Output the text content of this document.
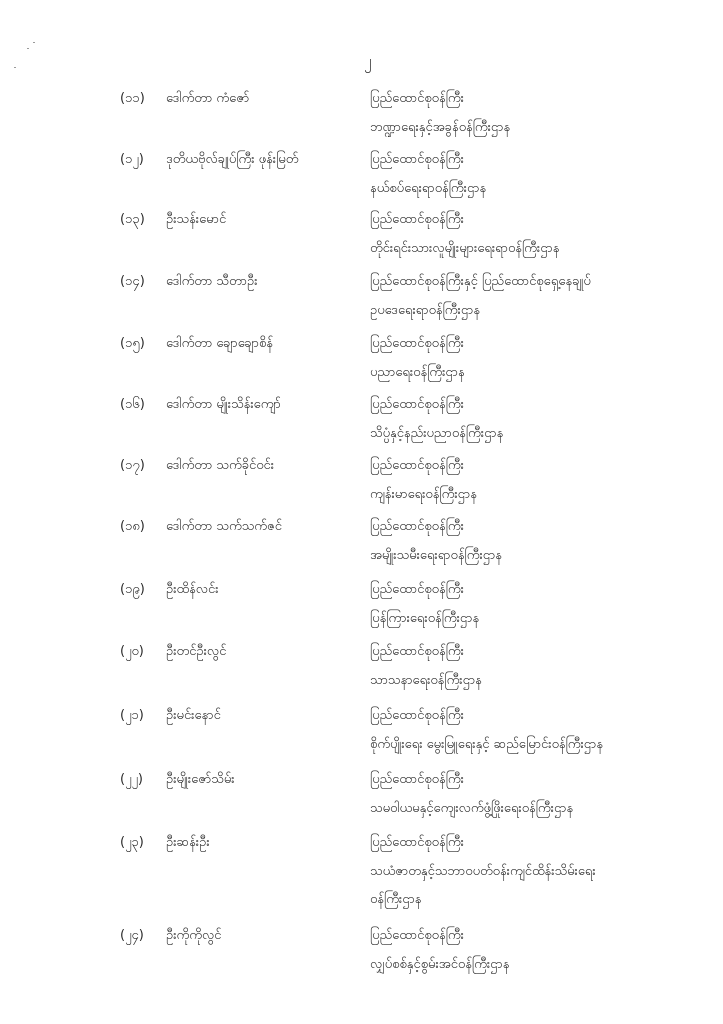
၂
(၁၁) ဒေါက်တာ ကံဇော်	ပြည်ထောင်စုဝန်ကြီး
ဘဏ္ဍာရေးနှင့်အခွန်ဝန်ကြီးဌာန
(၁၂) ဒုတိယဗိုလ်ချုပ်ကြီး ဖုန်းမြတ်	ပြည်ထောင်စုဝန်ကြီး
နယ်စပ်ရေးရာဝန်ကြီးဌာန
(၁၃) ဦးသန်းမောင်	ပြည်ထောင်စုဝန်ကြီး
တိုင်းရင်းသားလူမျိုးများရေးရာဝန်ကြီးဌာန
(၁၄) ဒေါက်တာ သီတာဦး	ပြည်ထောင်စုဝန်ကြီးနှင့် ပြည်ထောင်စုရှေ့နေချုပ်
ဥပဒေရေးရာဝန်ကြီးဌာန
(၁၅) ဒေါက်တာ ချောချောစိန်	ပြည်ထောင်စုဝန်ကြီး
ပညာရေးဝန်ကြီးဌာန
(၁၆) ဒေါက်တာ မျိုးသိန်းကျော်	ပြည်ထောင်စုဝန်ကြီး
သိပ္ပံနှင့်နည်းပညာဝန်ကြီးဌာန
(၁၇) ဒေါက်တာ သက်ခိုင်ဝင်း	ပြည်ထောင်စုဝန်ကြီး
ကျန်းမာရေးဝန်ကြီးဌာန
(၁၈) ဒေါက်တာ သက်သက်ဇင်	ပြည်ထောင်စုဝန်ကြီး
အမျိုးသမီးရေးရာဝန်ကြီးဌာန
(၁၉) ဦးထိန်လင်း	ပြည်ထောင်စုဝန်ကြီး
ပြန်ကြားရေးဝန်ကြီးဌာန
(၂၀) ဦးတင်ဦးလွင်	ပြည်ထောင်စုဝန်ကြီး
သာသနာရေးဝန်ကြီးဌာန
(၂၁) ဦးမင်းနောင်	ပြည်ထောင်စုဝန်ကြီး
စိုက်ပျိုးရေး မွေးမြူရေးနှင့် ဆည်မြောင်းဝန်ကြီးဌာန
(၂၂) ဦးမျိုးဇော်သိမ်း	ပြည်ထောင်စုဝန်ကြီး
သမဝါယမနှင့်ကျေးလက်ဖွံ့ဖြိုးရေးဝန်ကြီးဌာန
(၂၃) ဦးဆန်းဦး	ပြည်ထောင်စုဝန်ကြီး
သယံဇာတနှင့်သဘာဝပတ်ဝန်းကျင်ထိန်းသိမ်းရေး
ဝန်ကြီးဌာန
(၂၄) ဦးကိုကိုလွင်	ပြည်ထောင်စုဝန်ကြီး
လျှပ်စစ်နှင့်စွမ်းအင်ဝန်ကြီးဌာန
